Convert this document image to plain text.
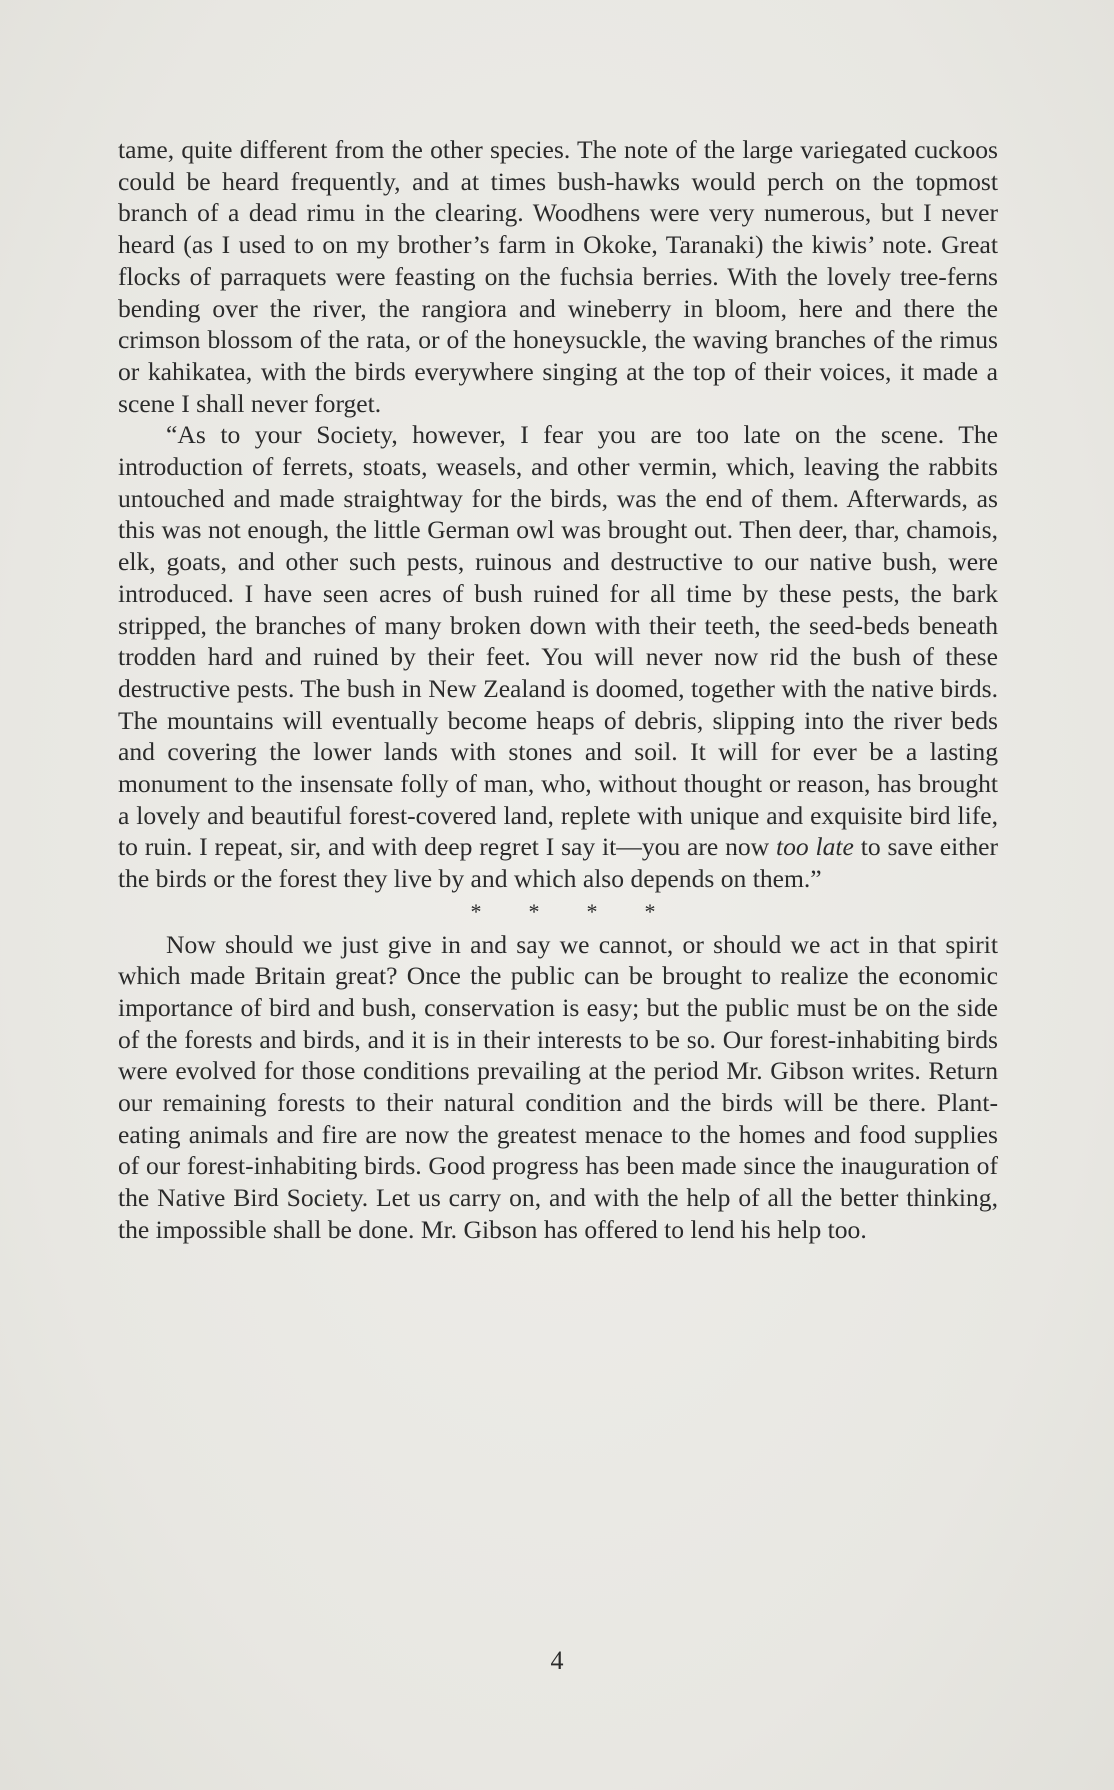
tame, quite different from the other species. The note of the large variegated cuckoos could be heard frequently, and at times bush-hawks would perch on the topmost branch of a dead rimu in the clearing. Woodhens were very numerous, but I never heard (as I used to on my brother’s farm in Okoke, Taranaki) the kiwis’ note. Great flocks of parraquets were feasting on the fuchsia berries. With the lovely tree-ferns bending over the river, the rangiora and wineberry in bloom, here and there the crimson blossom of the rata, or of the honeysuckle, the waving branches of the rimus or kahikatea, with the birds everywhere singing at the top of their voices, it made a scene I shall never forget.

“As to your Society, however, I fear you are too late on the scene. The introduction of ferrets, stoats, weasels, and other vermin, which, leaving the rabbits untouched and made straightway for the birds, was the end of them. Afterwards, as this was not enough, the little German owl was brought out. Then deer, thar, chamois, elk, goats, and other such pests, ruinous and destructive to our native bush, were introduced. I have seen acres of bush ruined for all time by these pests, the bark stripped, the branches of many broken down with their teeth, the seed-beds beneath trodden hard and ruined by their feet. You will never now rid the bush of these destructive pests. The bush in New Zealand is doomed, together with the native birds. The mountains will eventually become heaps of debris, slipping into the river beds and covering the lower lands with stones and soil. It will for ever be a lasting monument to the insensate folly of man, who, without thought or reason, has brought a lovely and beautiful forest-covered land, replete with unique and exquisite bird life, to ruin. I repeat, sir, and with deep regret I say it—you are now too late to save either the birds or the forest they live by and which also depends on them.”

* * * *

Now should we just give in and say we cannot, or should we act in that spirit which made Britain great? Once the public can be brought to realize the economic importance of bird and bush, conservation is easy; but the public must be on the side of the forests and birds, and it is in their interests to be so. Our forest-inhabiting birds were evolved for those conditions prevailing at the period Mr. Gibson writes. Return our remaining forests to their natural condition and the birds will be there. Plant-eating animals and fire are now the greatest menace to the homes and food supplies of our forest-inhabiting birds. Good progress has been made since the inauguration of the Native Bird Society. Let us carry on, and with the help of all the better thinking, the impossible shall be done. Mr. Gibson has offered to lend his help too.

4
